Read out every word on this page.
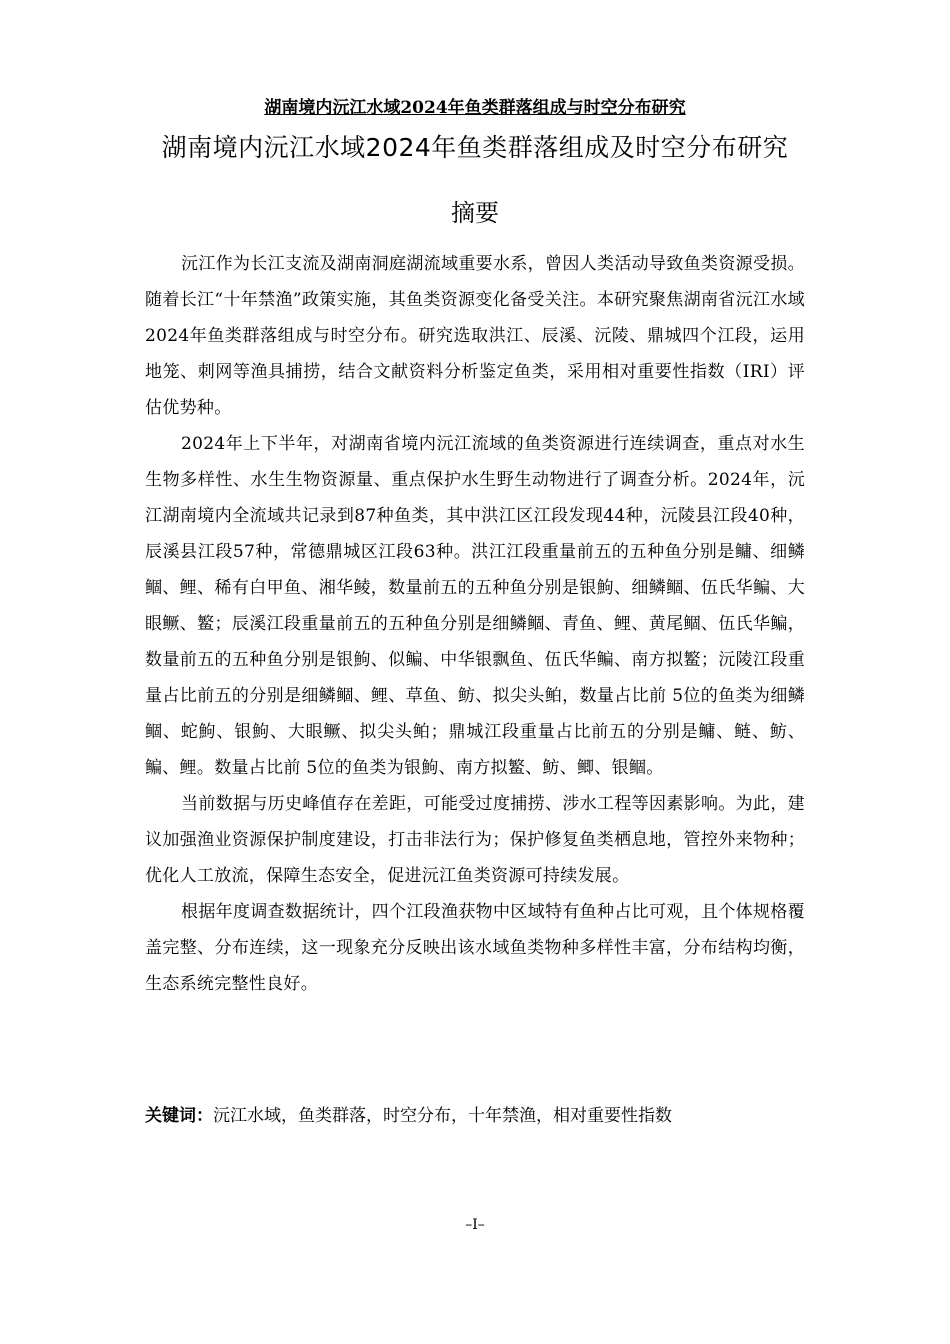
湖南境内沅江水域2024年鱼类群落组成与时空分布研究
湖南境内沅江水域2024年鱼类群落组成及时空分布研究
摘要

沅江作为长江支流及湖南洞庭湖流域重要水系，曾因人类活动导致鱼类资源受损。随着长江“十年禁渔”政策实施，其鱼类资源变化备受关注。本研究聚焦湖南省沅江水域2024年鱼类群落组成与时空分布。研究选取洪江、辰溪、沅陵、鼎城四个江段，运用地笼、刺网等渔具捕捞，结合文献资料分析鉴定鱼类，采用相对重要性指数（IRI）评估优势种。

2024年上下半年，对湖南省境内沅江流域的鱼类资源进行连续调查，重点对水生生物多样性、水生生物资源量、重点保护水生野生动物进行了调查分析。2024年，沅江湖南境内全流域共记录到87种鱼类，其中洪江区江段发现44种，沅陵县江段40种，辰溪县江段57种，常德鼎城区江段63种。洪江江段重量前五的五种鱼分别是鳙、细鳞鲴、鲤、稀有白甲鱼、湘华鲮，数量前五的五种鱼分别是银鮈、细鳞鲴、伍氏华鳊、大眼鳜、鳘；辰溪江段重量前五的五种鱼分别是细鳞鲴、青鱼、鲤、黄尾鲴、伍氏华鳊，数量前五的五种鱼分别是银鮈、似鳊、中华银飘鱼、伍氏华鳊、南方拟鳘；沅陵江段重量占比前五的分别是细鳞鲴、鲤、草鱼、鲂、拟尖头鲌，数量占比前 5位的鱼类为细鳞鲴、蛇鮈、银鮈、大眼鳜、拟尖头鲌；鼎城江段重量占比前五的分别是鳙、鲢、鲂、鳊、鲤。数量占比前 5位的鱼类为银鮈、南方拟鳘、鲂、鲫、银鲴。

当前数据与历史峰值存在差距，可能受过度捕捞、涉水工程等因素影响。为此，建议加强渔业资源保护制度建设，打击非法行为；保护修复鱼类栖息地，管控外来物种；优化人工放流，保障生态安全，促进沅江鱼类资源可持续发展。

根据年度调查数据统计，四个江段渔获物中区域特有鱼种占比可观，且个体规格覆盖完整、分布连续，这一现象充分反映出该水域鱼类物种多样性丰富，分布结构均衡，生态系统完整性良好。

关键词：沅江水域，鱼类群落，时空分布，十年禁渔，相对重要性指数
–I–
